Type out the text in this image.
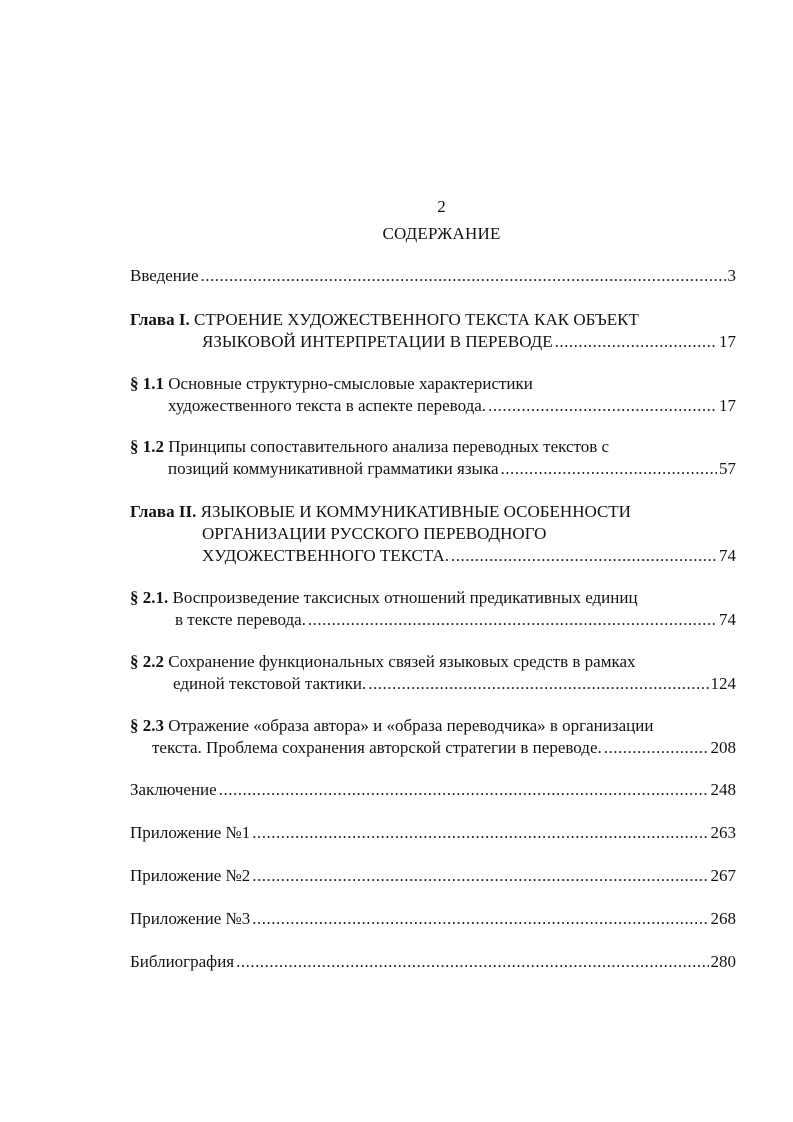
2
СОДЕРЖАНИЕ
Введение .....	3
Глава I.
СТРОЕНИЕ ХУДОЖЕСТВЕННОГО ТЕКСТА КАК ОБЪЕКТ
ЯЗЫКОВОЙ ИНТЕРПРЕТАЦИИ В ПЕРЕВОДЕ .....	17
§ 1.1
Основные структурно-смысловые характеристики
художественного текста в аспекте перевода. .....	17
§ 1.2
Принципы сопоставительного анализа переводных текстов с
позиций коммуникативной грамматики языка .....	57
Глава II.
ЯЗЫКОВЫЕ И КОММУНИКАТИВНЫЕ ОСОБЕННОСТИ
ОРГАНИЗАЦИИ РУССКОГО ПЕРЕВОДНОГО
ХУДОЖЕСТВЕННОГО ТЕКСТА. .....	74
§ 2.1.
Воспроизведение таксисных отношений предикативных единиц
в тексте перевода. .....	74
§ 2.2
Сохранение функциональных связей языковых средств в рамках
единой текстовой тактики. .....	124
§ 2.3
Отражение «образа автора» и «образа переводчика» в организации
текста. Проблема сохранения авторской стратегии в переводе. .....	208
Заключение .....	248
Приложение №1 .....	263
Приложение №2 .....	267
Приложение №3 .....	268
Библиография .....	280
